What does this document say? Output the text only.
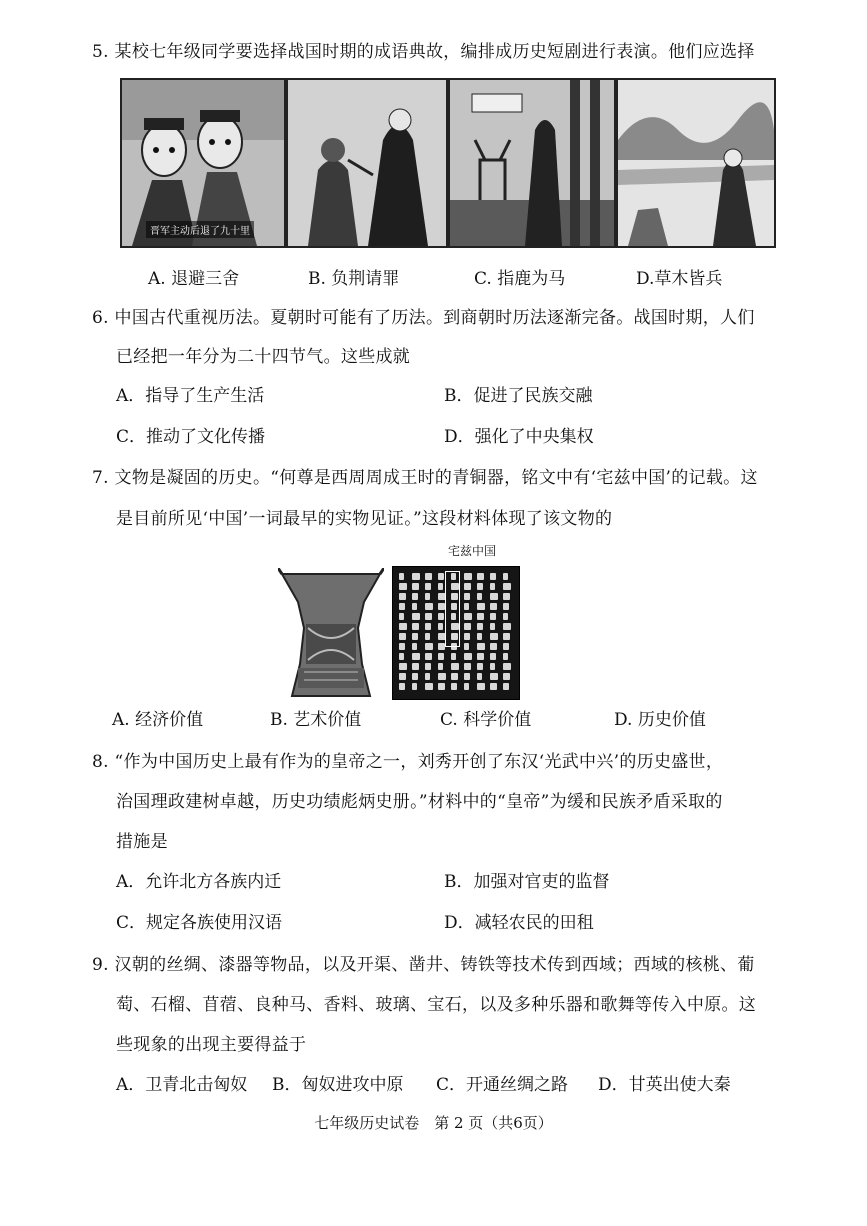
5. 某校七年级同学要选择战国时期的成语典故，编排成历史短剧进行表演。他们应选择
晋军主动后退了九十里
A. 退避三舍	B. 负荆请罪	C. 指鹿为马	D.草木皆兵
6. 中国古代重视历法。夏朝时可能有了历法。到商朝时历法逐渐完备。战国时期，人们
已经把一年分为二十四节气。这些成就
A．指导了生产生活	B．促进了民族交融
C．推动了文化传播	D．强化了中央集权
7. 文物是凝固的历史。“何尊是西周周成王时的青铜器，铭文中有‘宅兹中国’的记载。这
是目前所见‘中国’一词最早的实物见证。”这段材料体现了该文物的
宅兹中国
A. 经济价值	B. 艺术价值	C. 科学价值	D. 历史价值
8. “作为中国历史上最有作为的皇帝之一，刘秀开创了东汉‘光武中兴’的历史盛世，
治国理政建树卓越，历史功绩彪炳史册。”材料中的“皇帝”为缓和民族矛盾采取的
措施是
A．允许北方各族内迁	B．加强对官吏的监督
C．规定各族使用汉语	D．减轻农民的田租
9. 汉朝的丝绸、漆器等物品，以及开渠、凿井、铸铁等技术传到西域；西域的核桃、葡
萄、石榴、苜蓿、良种马、香料、玻璃、宝石，以及多种乐器和歌舞等传入中原。这
些现象的出现主要得益于
A．卫青北击匈奴 B．匈奴进攻中原 C．开通丝绸之路 D．甘英出使大秦
七年级历史试卷　第 2 页（共6页）
